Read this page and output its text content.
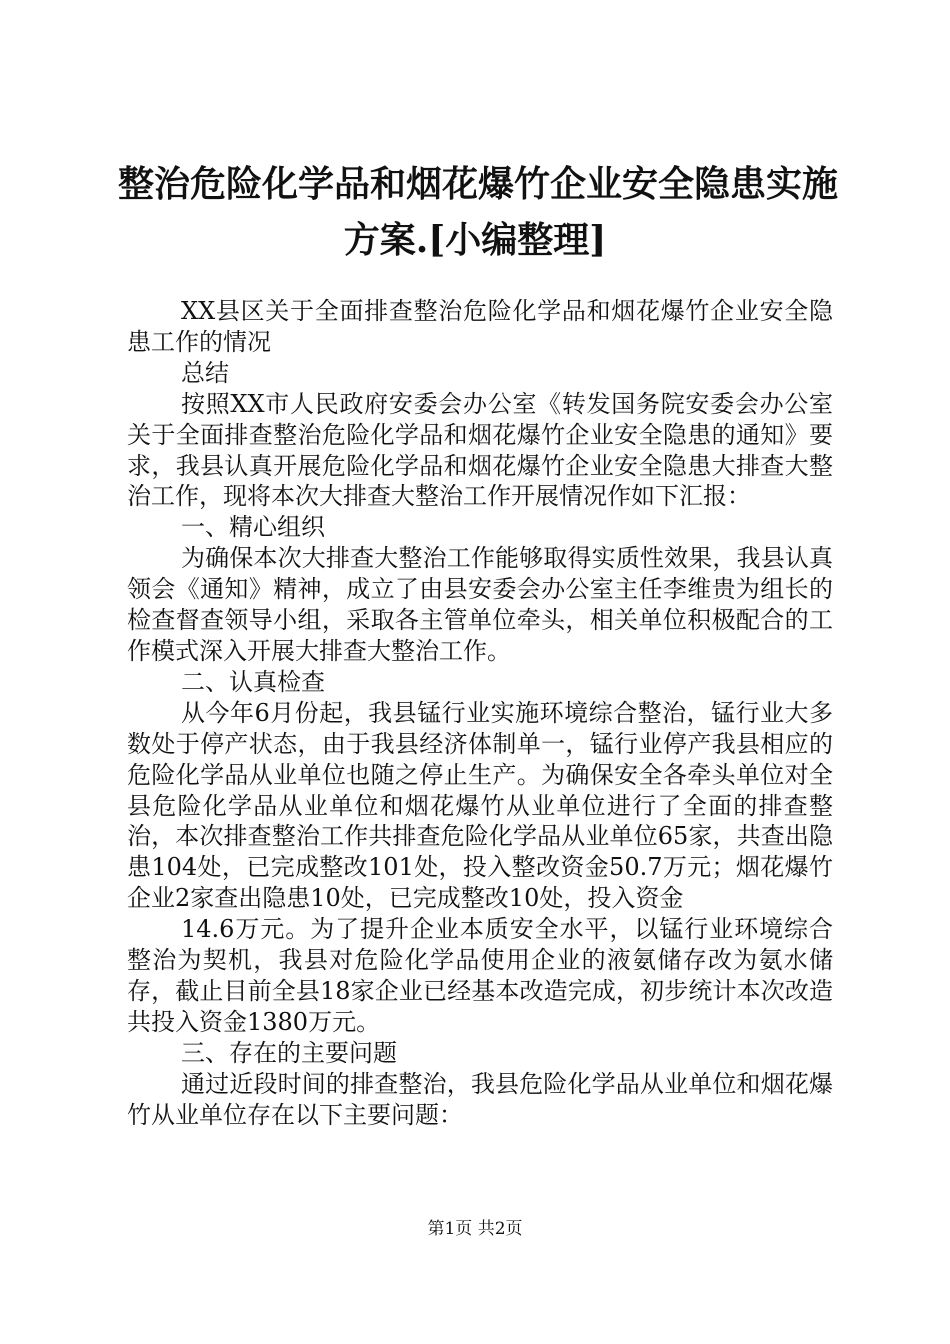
整治危险化学品和烟花爆竹企业安全隐患实施
方案.[小编整理]

XX县区关于全面排查整治危险化学品和烟花爆竹企业安全隐患工作的情况

总结

按照XX市人民政府安委会办公室《转发国务院安委会办公室关于全面排查整治危险化学品和烟花爆竹企业安全隐患的通知》要求，我县认真开展危险化学品和烟花爆竹企业安全隐患大排查大整治工作，现将本次大排查大整治工作开展情况作如下汇报：

一、精心组织

为确保本次大排查大整治工作能够取得实质性效果，我县认真领会《通知》精神，成立了由县安委会办公室主任李维贵为组长的检查督查领导小组，采取各主管单位牵头，相关单位积极配合的工作模式深入开展大排查大整治工作。

二、认真检查

从今年6月份起，我县锰行业实施环境综合整治，锰行业大多数处于停产状态，由于我县经济体制单一，锰行业停产我县相应的危险化学品从业单位也随之停止生产。为确保安全各牵头单位对全县危险化学品从业单位和烟花爆竹从业单位进行了全面的排查整治，本次排查整治工作共排查危险化学品从业单位65家，共查出隐患104处，已完成整改101处，投入整改资金50.7万元；烟花爆竹企业2家查出隐患10处，已完成整改10处，投入资金

14.6万元。为了提升企业本质安全水平，以锰行业环境综合整治为契机，我县对危险化学品使用企业的液氨储存改为氨水储存，截止目前全县18家企业已经基本改造完成，初步统计本次改造共投入资金1380万元。

三、存在的主要问题

通过近段时间的排查整治，我县危险化学品从业单位和烟花爆竹从业单位存在以下主要问题：

第1页 共2页
